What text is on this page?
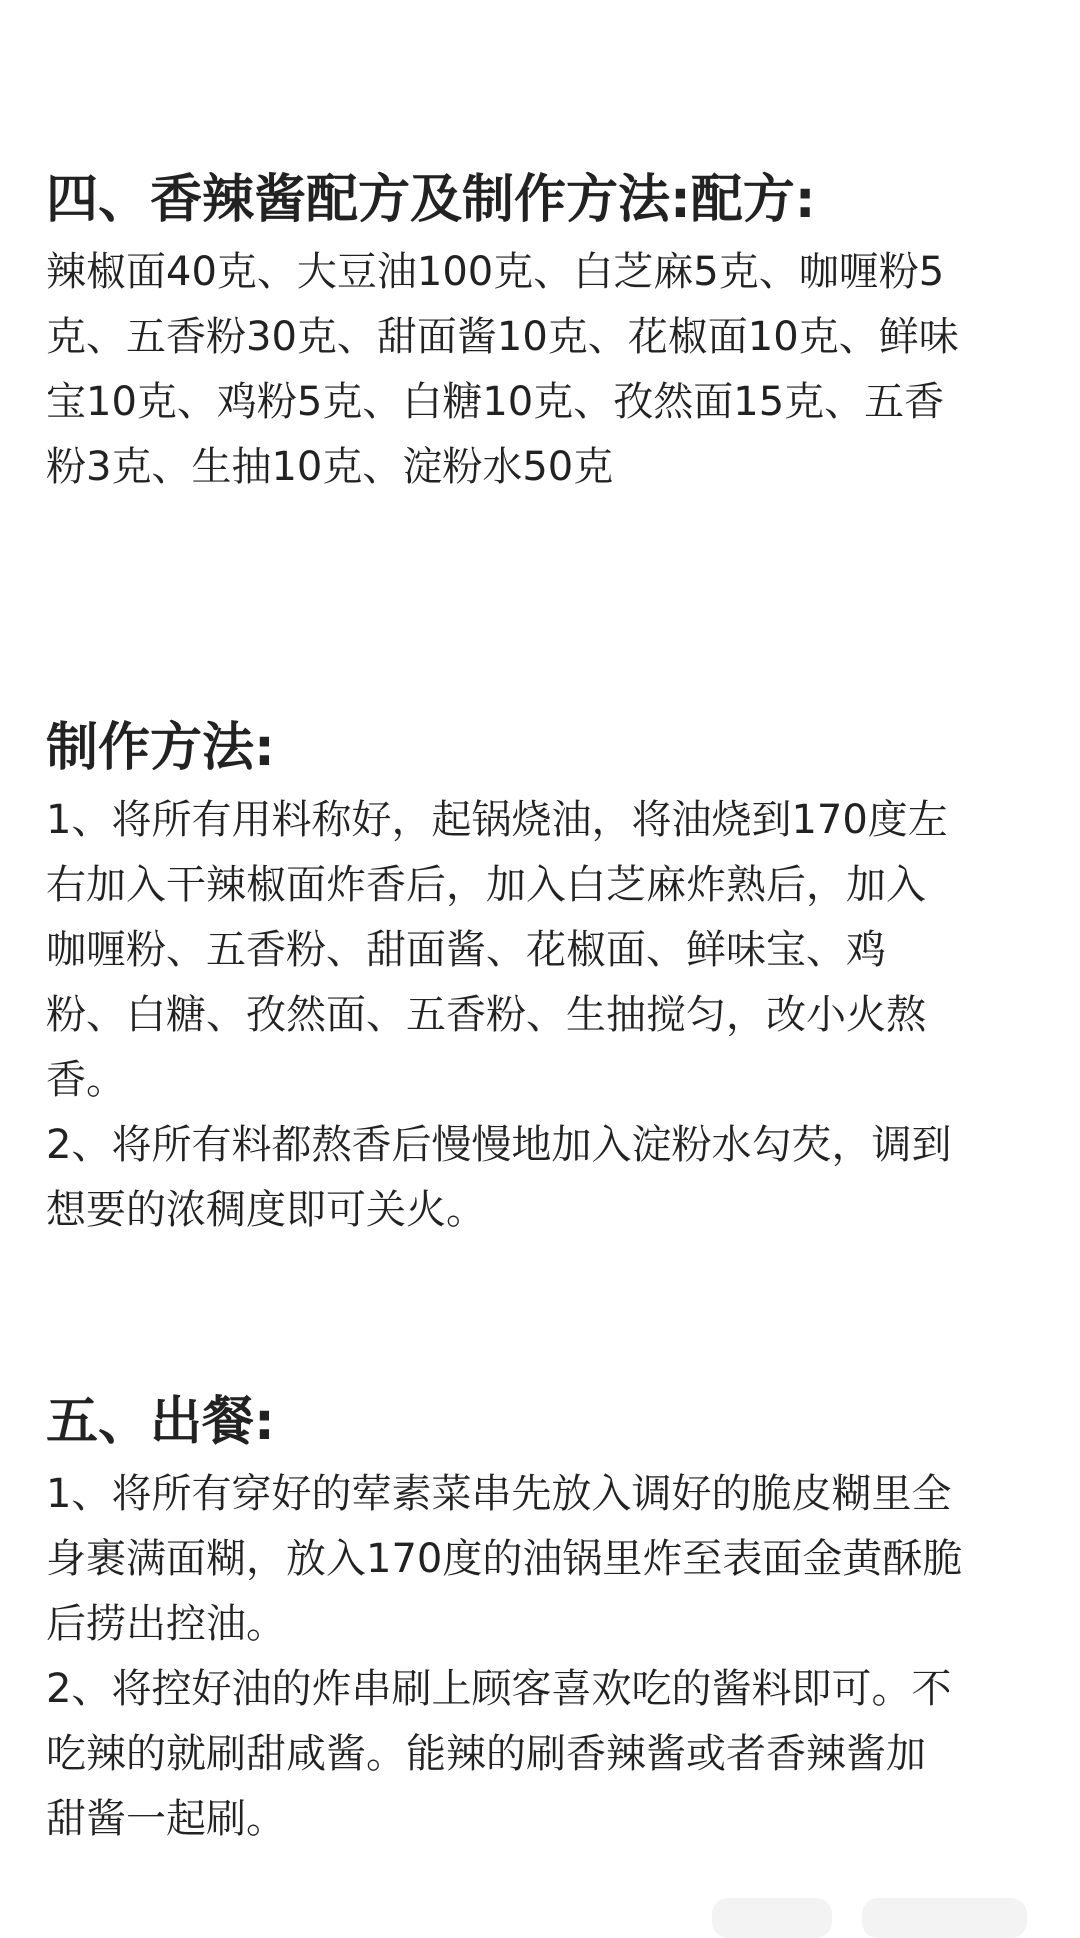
四、香辣酱配方及制作方法:配方:

辣椒面40克、大豆油100克、白芝麻5克、咖喱粉5

克、五香粉30克、甜面酱10克、花椒面10克、鲜味

宝10克、鸡粉5克、白糖10克、孜然面15克、五香

粉3克、生抽10克、淀粉水50克

制作方法:

1、将所有用料称好，起锅烧油，将油烧到170度左

右加入干辣椒面炸香后，加入白芝麻炸熟后，加入

咖喱粉、五香粉、甜面酱、花椒面、鲜味宝、鸡

粉、白糖、孜然面、五香粉、生抽搅匀，改小火熬

香。

2、将所有料都熬香后慢慢地加入淀粉水勾芡，调到

想要的浓稠度即可关火。

五、出餐:

1、将所有穿好的荤素菜串先放入调好的脆皮糊里全

身裹满面糊，放入170度的油锅里炸至表面金黄酥脆

后捞出控油。

2、将控好油的炸串刷上顾客喜欢吃的酱料即可。不

吃辣的就刷甜咸酱。能辣的刷香辣酱或者香辣酱加

甜酱一起刷。
